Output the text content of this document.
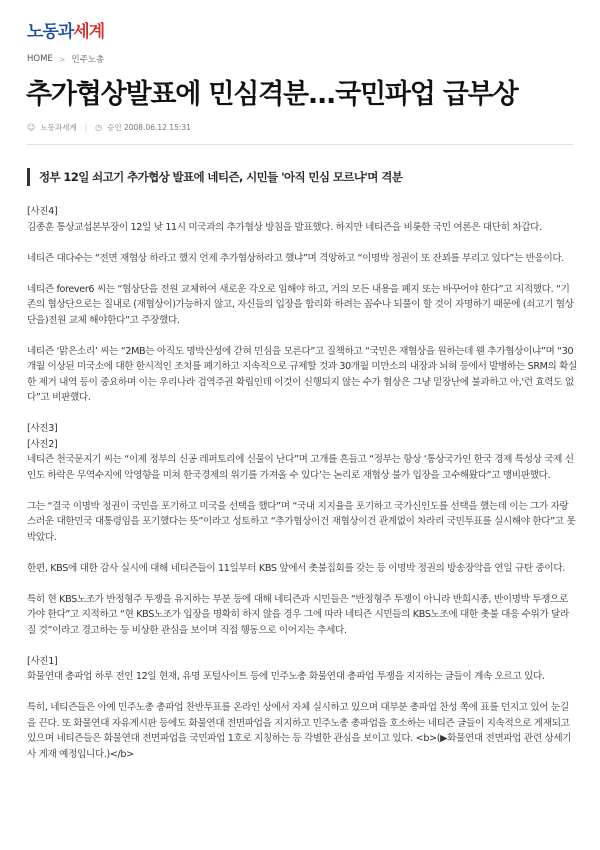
노동과세계
HOME > 민주노총
추가협상발표에 민심격분...국민파업 급부상
☺ 노동과세계 | ◷ 승인 2008.06.12 15:31
정부 12일 쇠고기 추가협상 발표에 네티즌, 시민들 '아직 민심 모르냐'며 격분

[사진4]

김종훈 통상교섭본부장이 12일 낮 11시 미국과의 추가협상 방침을 발표했다. 하지만 네티즌을 비롯한 국민 여론은 대단히 차갑다.

네티즌 대다수는 “전면 재협상 하라고 했지 언제 추가협상하라고 했냐”며 격앙하고 “이명박 정권이 또 잔꾀를 부리고 있다”는 반응이다.

네티즌 forever6 씨는 “협상단을 전원 교체하여 새로운 각오로 임해야 하고, 거의 모든 내용을 폐지 또는 바꾸어야 한다”고 지적했다. “기존의 협상단으로는 질내로 (재협상이)가능하지 않고, 자신들의 입장을 합리화 하려는 꼼수나 되풀이 할 것이 자명하기 때문에 (쇠고기 협상단을)전원 교체 해야한다”고 주장했다.

네티즌 ‘맑은소리’ 씨는 “2MB는 아직도 명박산성에 갇혀 민심을 모른다”고 질책하고 “국민은 재협상을 원하는데 웬 추가협상이냐”며 “30개월 이상된 미국소에 대한 한시적인 조치를 폐기하고 지속적으로 규제할 것과 30개월 미만소의 내장과 뇌혀 등에서 발병하는 SRM의 확실한 제거 내역 등이 중요하며 이는 우리나라 검역주권 확립인데 이것이 신행되지 않는 수가 협상은 그냥 밑장난에 불과하고 아,'런 효력도 없다”고 비판했다.

[사진3]

[사진2]

네티즌 천국문지기 씨는 “이제 정부의 신공 레퍼토리에 신물이 난다”며 고개를 흔들고 “정부는 항상 ‘통상국가인 한국 경제 특성상 국제 신인도 하락은 무역수지에 악영향을 미쳐 한국경제의 위기를 가져올 수 있다’는 논리로 재협상 불가 입장을 고수해왔다”고 맹비판했다.

그는 “결국 이명박 정권이 국민을 포기하고 미국을 선택을 했다”며 “국내 지지율을 포기하고 국가신인도를 선택을 했는데 이는 그가 자랑스러운 대한민국 대통령임을 포기했다는 뜻”이라고 성토하고 “추가협상이건 재협상이건 관계없이 차라리 국민투표를 실시해야 한다”고 못 박았다.

한편, KBS에 대한 감사 실시에 대해 네티즌들이 11일부터 KBS 앞에서 촛불집회를 갖는 등 이명박 정권의 방송장악을 연일 규탄 중이다.

특히 현 KBS노조가 반정형주 투쟁을 유지하는 부분 등에 대해 네티즌과 시민들은 “반정형주 투쟁이 아니라 반희시종, 반이명박 투쟁으로 가야 한다”고 지적하고 “현 KBS노조가 입장을 명확히 하지 않을 경우 그에 따라 네티즌 시민들의 KBS노조에 대한 촛불 대응 수위가 달라질 것”이라고 경고하는 등 비상한 관심을 보이며 직접 행동으로 이어지는 추세다.

[사진1]

화물연대 총파업 하루 전인 12일 현재, 유명 포털사이트 등에 민주노총 화물연대 총파업 투쟁을 지지하는 글들이 계속 오르고 있다.

특히, 네티즌들은 아예 민주노총 총파업 찬반투표를 온라인 상에서 자체 실시하고 있으며 대부분 총파업 찬성 쪽에 표를 던지고 있어 눈길을 끈다. 또 화물연대 자유게시판 등에도 화물연대 전면파업을 지지하고 민주노총 총파업을 호소하는 네티즌 글들이 지속적으로 게재되고 있으며 네티즌들은 화물연대 전면파업을 국민파업 1호로 지칭하는 등 각별한 관심을 보이고 있다. <b>(▶화물연대 전면파업 관련 상세기사 게재 예정입니다.)</b>
